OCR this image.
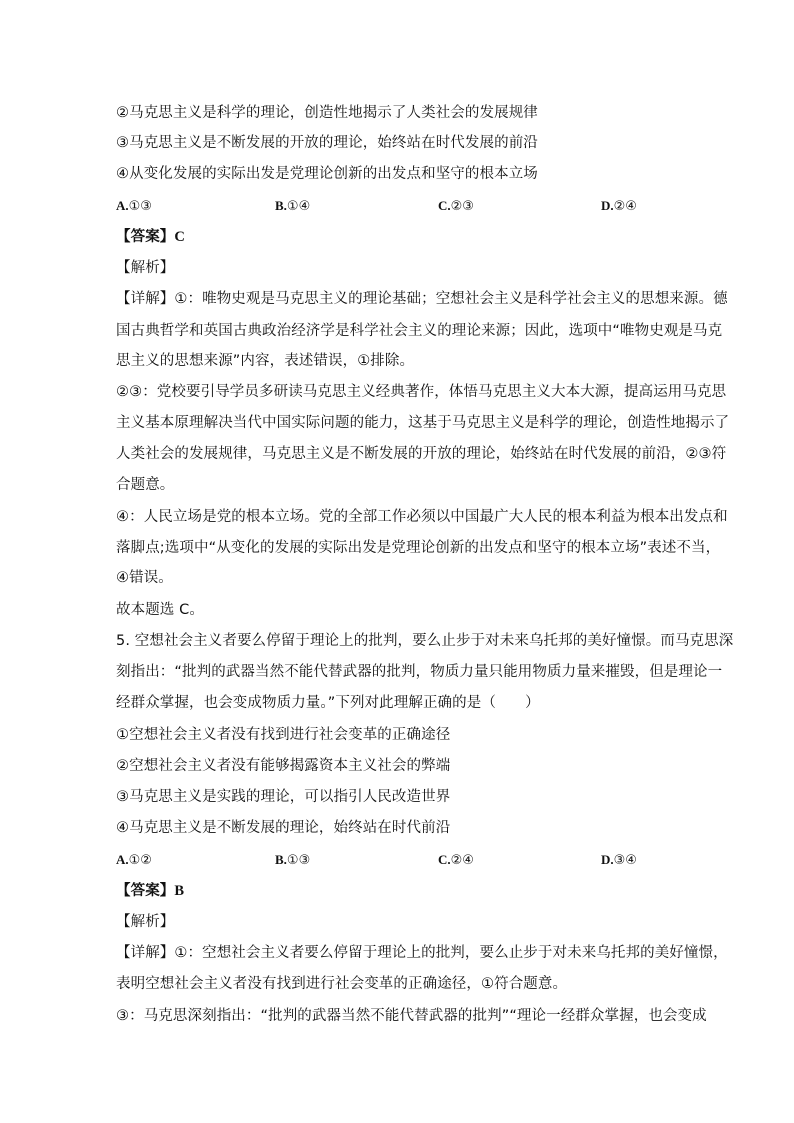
②马克思主义是科学的理论，创造性地揭示了人类社会的发展规律
③马克思主义是不断发展的开放的理论，始终站在时代发展的前沿
④从变化发展的实际出发是党理论创新的出发点和坚守的根本立场
A.①③	B.①④	C.②③	D.②④
【答案】C
【解析】
【详解】①：唯物史观是马克思主义的理论基础；空想社会主义是科学社会主义的思想来源。德
国古典哲学和英国古典政治经济学是科学社会主义的理论来源；因此，选项中“唯物史观是马克
思主义的思想来源”内容，表述错误，①排除。
②③：党校要引导学员多研读马克思主义经典著作，体悟马克思主义大本大源，提高运用马克思
主义基本原理解决当代中国实际问题的能力，这基于马克思主义是科学的理论，创造性地揭示了
人类社会的发展规律，马克思主义是不断发展的开放的理论，始终站在时代发展的前沿，②③符
合题意。
④：人民立场是党的根本立场。党的全部工作必须以中国最广大人民的根本利益为根本出发点和
落脚点;选项中“从变化的发展的实际出发是党理论创新的出发点和坚守的根本立场”表述不当，
④错误。
故本题选 C。
5. 空想社会主义者要么停留于理论上的批判，要么止步于对未来乌托邦的美好憧憬。而马克思深
刻指出：“批判的武器当然不能代替武器的批判，物质力量只能用物质力量来摧毁，但是理论一
经群众掌握，也会变成物质力量。”下列对此理解正确的是（　　）
①空想社会主义者没有找到进行社会变革的正确途径
②空想社会主义者没有能够揭露资本主义社会的弊端
③马克思主义是实践的理论，可以指引人民改造世界
④马克思主义是不断发展的理论，始终站在时代前沿
A.①②	B.①③	C.②④	D.③④
【答案】B
【解析】
【详解】①：空想社会主义者要么停留于理论上的批判，要么止步于对未来乌托邦的美好憧憬，
表明空想社会主义者没有找到进行社会变革的正确途径，①符合题意。
③：马克思深刻指出：“批判的武器当然不能代替武器的批判”“理论一经群众掌握，也会变成
